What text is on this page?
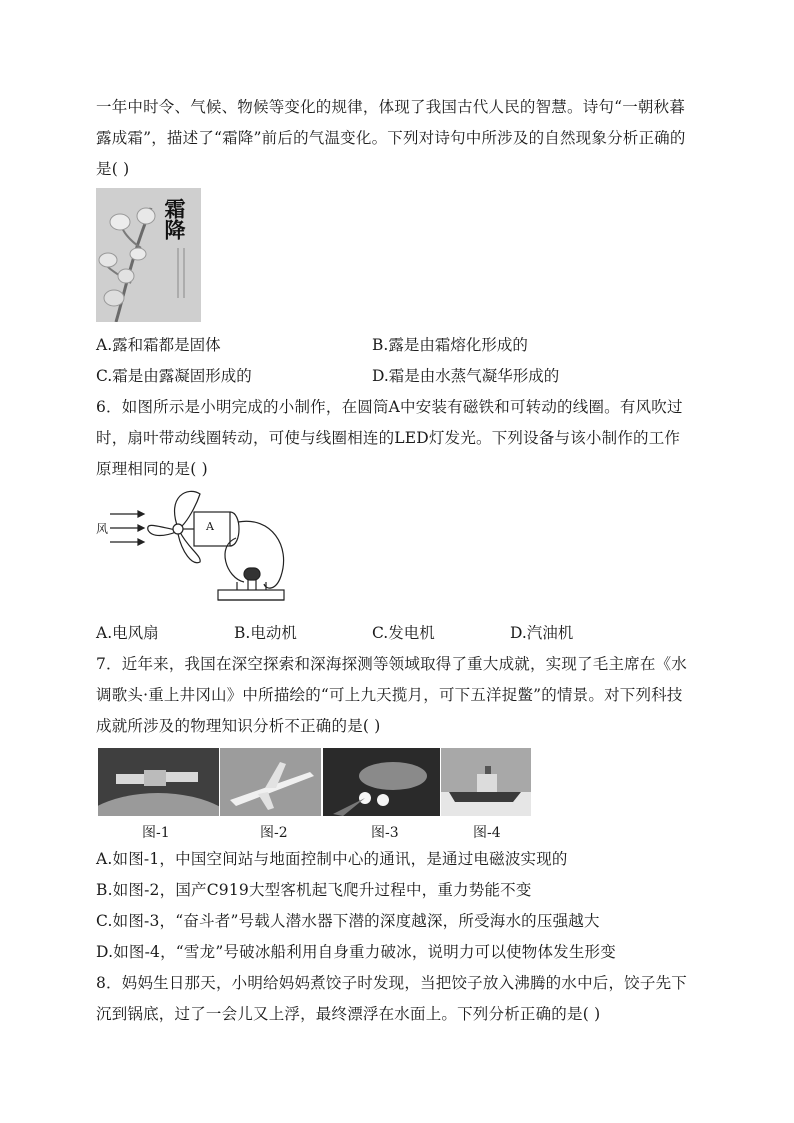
一年中时令、气候、物候等变化的规律，体现了我国古代人民的智慧。诗句“一朝秋暮
露成霜”，描述了“霜降”前后的气温变化。下列对诗句中所涉及的自然现象分析正确的
是( )
霜降
A.露和霜都是固体	B.露是由霜熔化形成的
C.霜是由露凝固形成的	D.霜是由水蒸气凝华形成的
6．如图所示是小明完成的小制作，在圆筒A中安装有磁铁和可转动的线圈。有风吹过
时，扇叶带动线圈转动，可使与线圈相连的LED灯发光。下列设备与该小制作的工作
原理相同的是( )
风	A
A.电风扇	B.电动机	C.发电机	D.汽油机
7．近年来，我国在深空探索和深海探测等领域取得了重大成就，实现了毛主席在《水
调歌头·重上井冈山》中所描绘的“可上九天揽月，可下五洋捉鳖”的情景。对下列科技
成就所涉及的物理知识分析不正确的是( )
图-1	图-2	图-3	图-4
A.如图-1，中国空间站与地面控制中心的通讯，是通过电磁波实现的
B.如图-2，国产C919大型客机起飞爬升过程中，重力势能不变
C.如图-3，“奋斗者”号载人潜水器下潜的深度越深，所受海水的压强越大
D.如图-4，“雪龙”号破冰船利用自身重力破冰，说明力可以使物体发生形变
8．妈妈生日那天，小明给妈妈煮饺子时发现，当把饺子放入沸腾的水中后，饺子先下
沉到锅底，过了一会儿又上浮，最终漂浮在水面上。下列分析正确的是( )
